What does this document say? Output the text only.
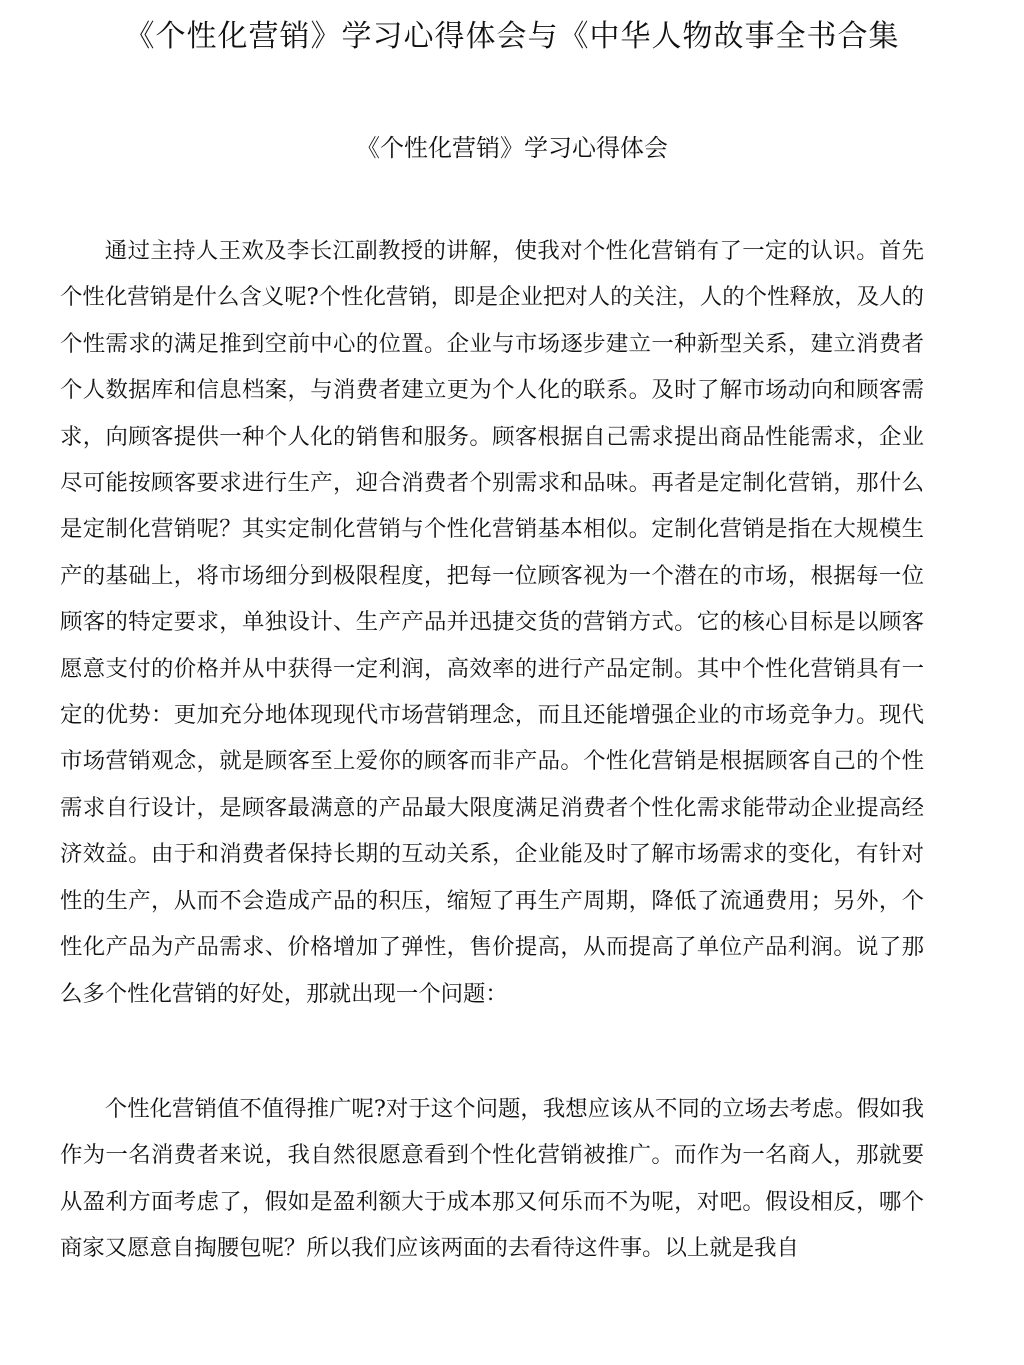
《个性化营销》学习心得体会与《中华人物故事全书合集
《个性化营销》学习心得体会

通过主持人王欢及李长江副教授的讲解，使我对个性化营销有了一定的认识。首先个性化营销是什么含义呢?个性化营销，即是企业把对人的关注，人的个性释放，及人的个性需求的满足推到空前中心的位置。企业与市场逐步建立一种新型关系，建立消费者个人数据库和信息档案，与消费者建立更为个人化的联系。及时了解市场动向和顾客需求，向顾客提供一种个人化的销售和服务。顾客根据自己需求提出商品性能需求，企业尽可能按顾客要求进行生产，迎合消费者个别需求和品味。再者是定制化营销，那什么是定制化营销呢？其实定制化营销与个性化营销基本相似。定制化营销是指在大规模生产的基础上，将市场细分到极限程度，把每一位顾客视为一个潜在的市场，根据每一位顾客的特定要求，单独设计、生产产品并迅捷交货的营销方式。它的核心目标是以顾客愿意支付的价格并从中获得一定利润，高效率的进行产品定制。其中个性化营销具有一定的优势：更加充分地体现现代市场营销理念，而且还能增强企业的市场竞争力。现代市场营销观念，就是顾客至上爱你的顾客而非产品。个性化营销是根据顾客自己的个性需求自行设计，是顾客最满意的产品最大限度满足消费者个性化需求能带动企业提高经济效益。由于和消费者保持长期的互动关系，企业能及时了解市场需求的变化，有针对性的生产，从而不会造成产品的积压，缩短了再生产周期，降低了流通费用；另外，个性化产品为产品需求、价格增加了弹性，售价提高，从而提高了单位产品利润。说了那么多个性化营销的好处，那就出现一个问题：

个性化营销值不值得推广呢?对于这个问题，我想应该从不同的立场去考虑。假如我作为一名消费者来说，我自然很愿意看到个性化营销被推广。而作为一名商人，那就要从盈利方面考虑了，假如是盈利额大于成本那又何乐而不为呢，对吧。假设相反，哪个商家又愿意自掏腰包呢？所以我们应该两面的去看待这件事。以上就是我自
